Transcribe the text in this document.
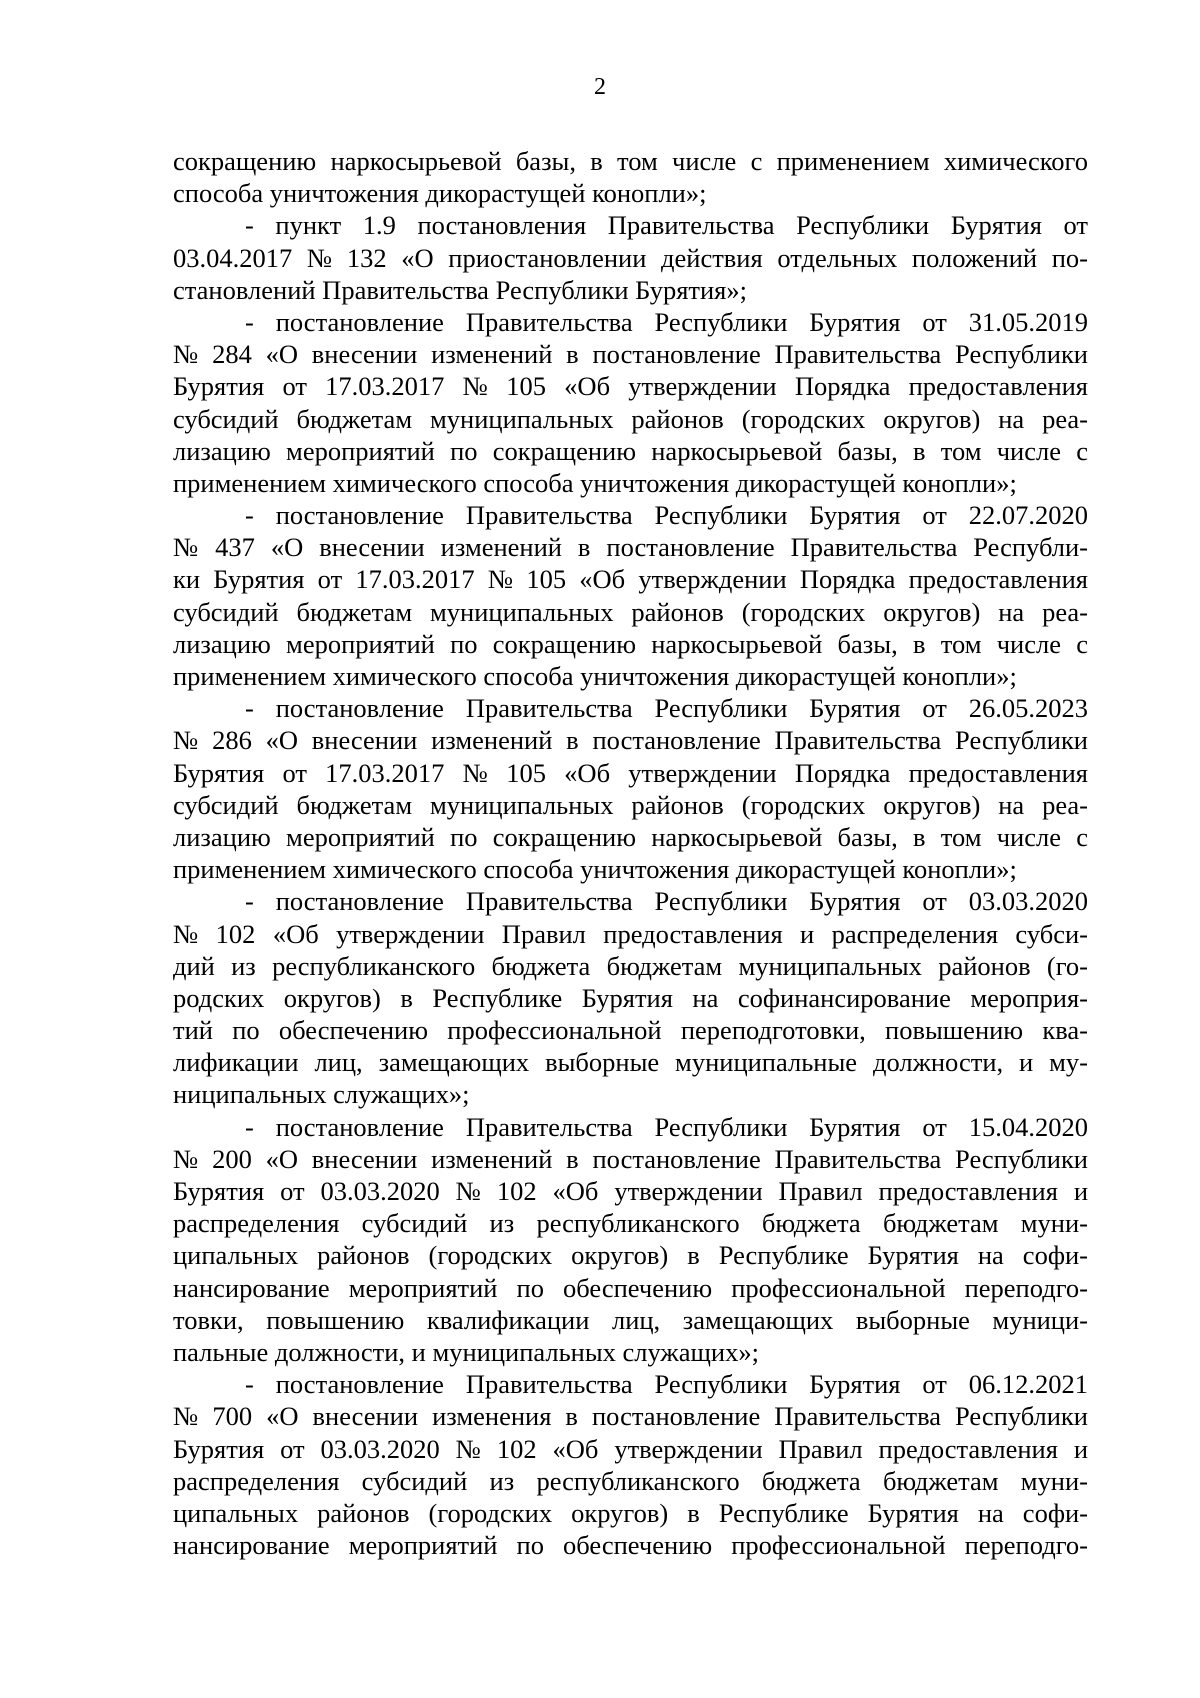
2
сокращению наркосырьевой базы, в том числе с применением химического
способа уничтожения дикорастущей конопли»;
- пункт 1.9 постановления Правительства Республики Бурятия от
03.04.2017 № 132 «О приостановлении действия отдельных положений по-
становлений Правительства Республики Бурятия»;
- постановление Правительства Республики Бурятия от 31.05.2019
№ 284 «О внесении изменений в постановление Правительства Республики
Бурятия от 17.03.2017 № 105 «Об утверждении Порядка предоставления
субсидий бюджетам муниципальных районов (городских округов) на реа-
лизацию мероприятий по сокращению наркосырьевой базы, в том числе с
применением химического способа уничтожения дикорастущей конопли»;
- постановление Правительства Республики Бурятия от 22.07.2020
№ 437 «О внесении изменений в постановление Правительства Республи-
ки Бурятия от 17.03.2017 № 105 «Об утверждении Порядка предоставления
субсидий бюджетам муниципальных районов (городских округов) на реа-
лизацию мероприятий по сокращению наркосырьевой базы, в том числе с
применением химического способа уничтожения дикорастущей конопли»;
- постановление Правительства Республики Бурятия от 26.05.2023
№ 286 «О внесении изменений в постановление Правительства Республики
Бурятия от 17.03.2017 № 105 «Об утверждении Порядка предоставления
субсидий бюджетам муниципальных районов (городских округов) на реа-
лизацию мероприятий по сокращению наркосырьевой базы, в том числе с
применением химического способа уничтожения дикорастущей конопли»;
- постановление Правительства Республики Бурятия от 03.03.2020
№ 102 «Об утверждении Правил предоставления и распределения субси-
дий из республиканского бюджета бюджетам муниципальных районов (го-
родских округов) в Республике Бурятия на софинансирование мероприя-
тий по обеспечению профессиональной переподготовки, повышению ква-
лификации лиц, замещающих выборные муниципальные должности, и му-
ниципальных служащих»;
- постановление Правительства Республики Бурятия от 15.04.2020
№ 200 «О внесении изменений в постановление Правительства Республики
Бурятия от 03.03.2020 № 102 «Об утверждении Правил предоставления и
распределения субсидий из республиканского бюджета бюджетам муни-
ципальных районов (городских округов) в Республике Бурятия на софи-
нансирование мероприятий по обеспечению профессиональной переподго-
товки, повышению квалификации лиц, замещающих выборные муници-
пальные должности, и муниципальных служащих»;
- постановление Правительства Республики Бурятия от 06.12.2021
№ 700 «О внесении изменения в постановление Правительства Республики
Бурятия от 03.03.2020 № 102 «Об утверждении Правил предоставления и
распределения субсидий из республиканского бюджета бюджетам муни-
ципальных районов (городских округов) в Республике Бурятия на софи-
нансирование мероприятий по обеспечению профессиональной переподго-
